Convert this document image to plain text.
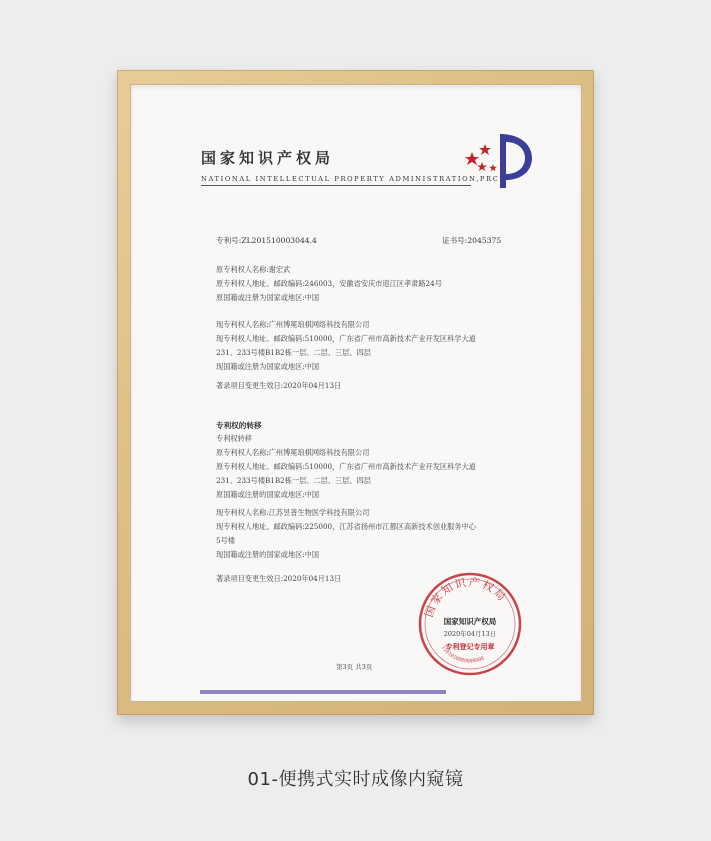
国家知识产权局
NATIONAL INTELLECTUAL PROPERTY ADMINISTRATION,PRC
专利号:ZL201510003044.4	证书号:2045375
原专利权人名称:谢宏武
原专利权人地址、邮政编码:246003，安徽省安庆市迎江区孝肃路24号
原国籍或注册为国家或地区:中国
现专利权人名称:广州博冕琅棋网络科技有限公司
现专利权人地址、邮政编码:510000，广东省广州市高新技术产业开发区科学大道
231、233号楼B1B2栋一层、二层、三层、四层
现国籍或注册为国家或地区:中国
著录项目变更生效日:2020年04月13日
专利权的转移
专利权转移
原专利权人名称:广州博冕琅棋网络科技有限公司
原专利权人地址、邮政编码:510000，广东省广州市高新技术产业开发区科学大道
231、233号楼B1B2栋一层、二层、三层、四层
原国籍或注册的国家或地区:中国
现专利权人名称:江苏昱普生物医学科技有限公司
现专利权人地址、邮政编码:225000，江苏省扬州市江都区高新技术创业服务中心
5号楼
现国籍或注册的国家或地区:中国
著录项目变更生效日:2020年04月13日
国家知识产权局
1101010000000000
国家知识产权局
2020年04月13日
专利登记专用章
第3页 共3页
01-便携式实时成像内窥镜
